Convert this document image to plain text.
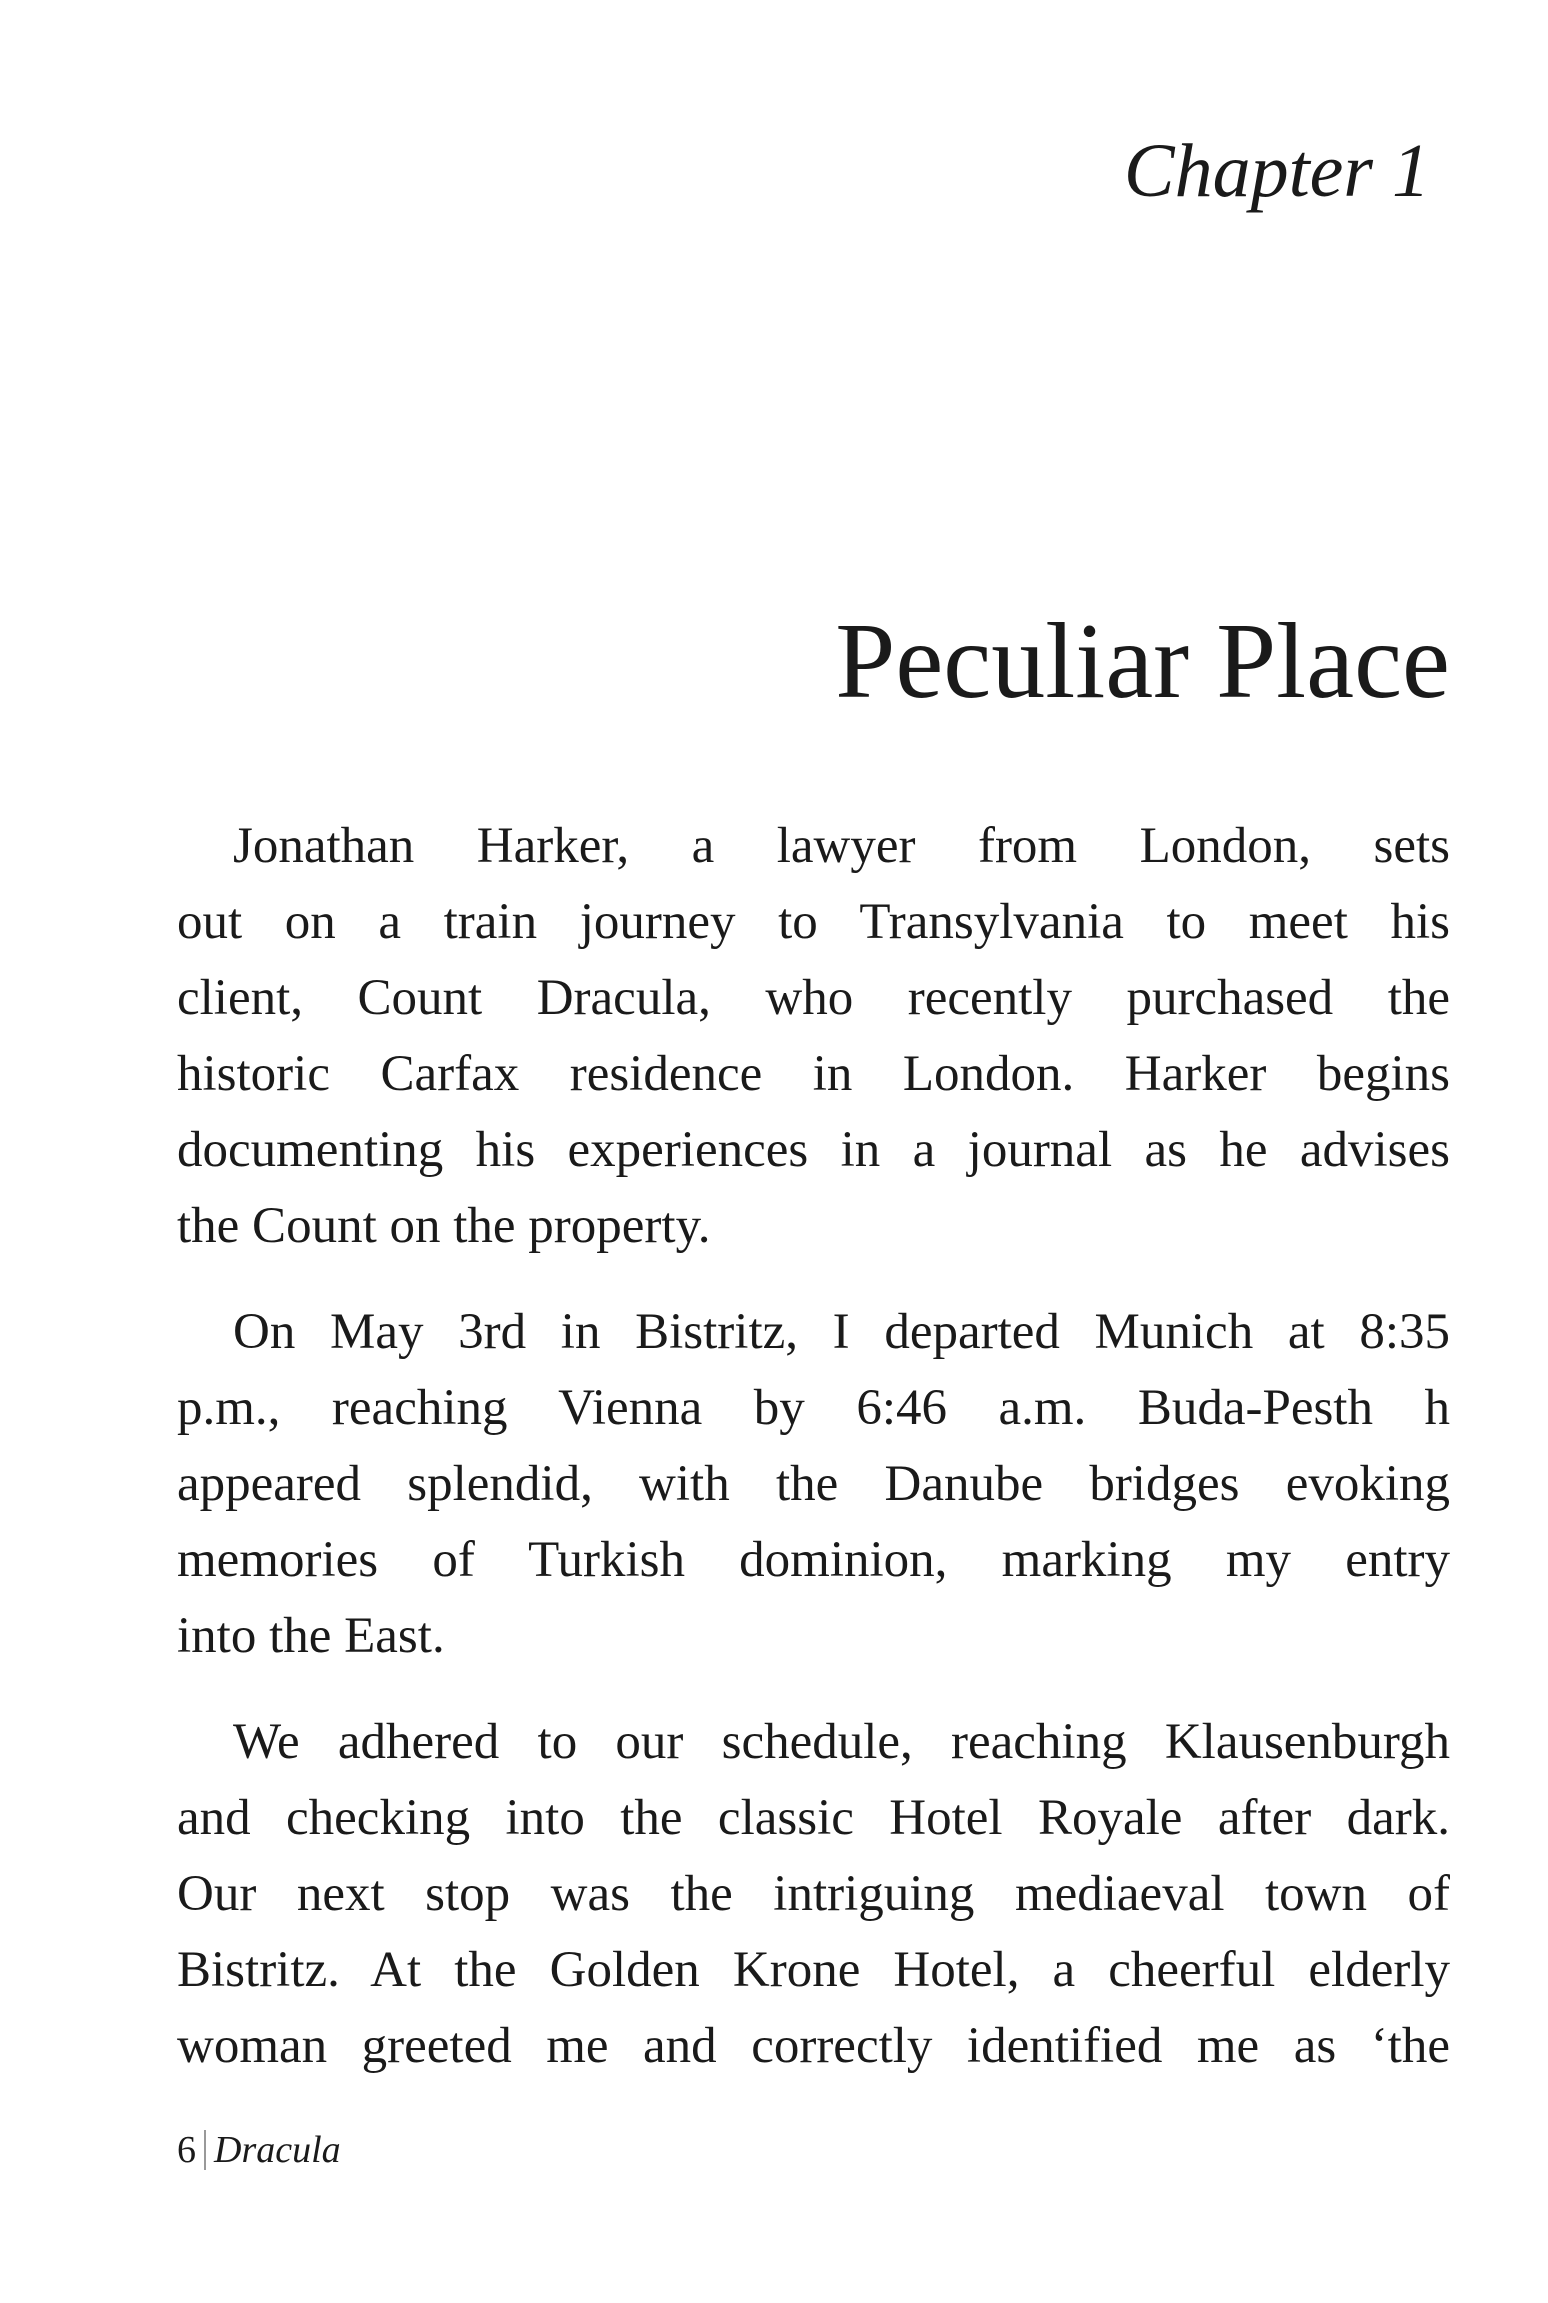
Chapter 1
Peculiar Place
Jonathan Harker, a lawyer from London, sets
out on a train journey to Transylvania to meet his
client, Count Dracula, who recently purchased the
historic Carfax residence in London. Harker begins
documenting his experiences in a journal as he advises
the Count on the property.
On May 3rd in Bistritz, I departed Munich at 8:35
p.m., reaching Vienna by 6:46 a.m. Buda-Pesth h
appeared splendid, with the Danube bridges evoking
memories of Turkish dominion, marking my entry
into the East.
We adhered to our schedule, reaching Klausenburgh
and checking into the classic Hotel Royale after dark.
Our next stop was the intriguing mediaeval town of
Bistritz. At the Golden Krone Hotel, a cheerful elderly
woman greeted me and correctly identified me as ‘the
6 Dracula
